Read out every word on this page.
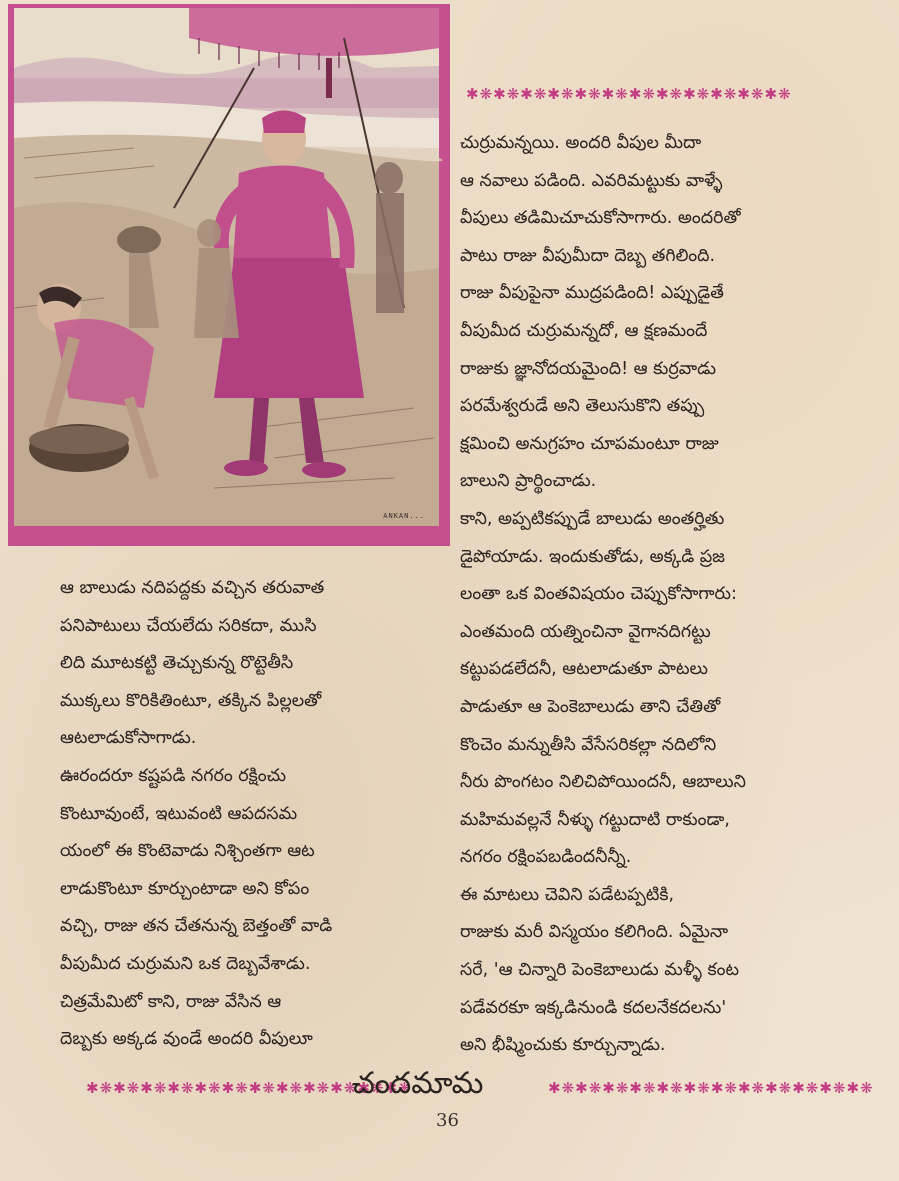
ANKAN...
✱❋✱❋✱❋✱❋✱❋✱❋✱❋✱❋✱❋✱❋✱❋✱❋
చుర్రుమన్నయి. అందరి వీపుల మీదా
ఆ నవాలు పడింది. ఎవరిమట్టుకు వాళ్ళే
వీపులు తడిమిచూచుకోసాగారు. అందరితో
పాటు రాజు వీపుమీదా దెబ్బ తగిలింది.
రాజు వీపుపైనా ముద్రపడింది! ఎప్పుడైతే
వీపుమీద చుర్రుమన్నదో, ఆ క్షణమందే
రాజుకు జ్ఞానోదయమైంది! ఆ కుర్రవాడు
పరమేశ్వరుడే అని తెలుసుకొని తప్పు
క్షమించి అనుగ్రహం చూపమంటూ రాజు
బాలుని ప్రార్థించాడు.
కాని, అప్పటికప్పుడే బాలుడు అంతర్హితు
డైపోయాడు. ఇందుకుతోడు, అక్కడి ప్రజ
లంతా ఒక వింతవిషయం చెప్పుకోసాగారు:
ఎంతమంది యత్నించినా వైగానదిగట్టు
కట్టుపడలేదనీ, ఆటలాడుతూ పాటలు
పాడుతూ ఆ పెంకెబాలుడు తాని చేతితో
కొంచెం మన్నుతీసి వేసేసరికల్లా నదిలోని
నీరు పొంగటం నిలిచిపోయిందనీ, ఆబాలుని
మహిమవల్లనే నీళ్ళు గట్టుదాటి రాకుండా,
నగరం రక్షింపబడిందనీన్నీ.
ఈ మాటలు చెవిని పడేటప్పటికి,
రాజుకు మరీ విస్మయం కలిగింది. ఏమైనా
సరే, 'ఆ చిన్నారి పెంకెబాలుడు మళ్ళీ కంట
పడేవరకూ ఇక్కడినుండి కదలనేకదలను'
అని భీష్మించుకు కూర్చున్నాడు.
ఆ బాలుడు నదిపద్దకు వచ్చిన తరువాత
పనిపాటులు చేయలేదు సరికదా, ముసి
లిది మూటకట్టి తెచ్చుకున్న రొట్టెతీసి
ముక్కలు కొరికితింటూ, తక్కిన పిల్లలతో
ఆటలాడుకోసాగాడు.
ఊరందరూ కష్టపడి నగరం రక్షించు
కొంటూవుంటే, ఇటువంటి ఆపదసమ
యంలో ఈ కొంటెవాడు నిశ్చింతగా ఆట
లాడుకొంటూ కూర్చుంటాడా అని కోపం
వచ్చి, రాజు తన చేతనున్న బెత్తంతో వాడి
వీపుమీద చుర్రుమని ఒక దెబ్బవేశాడు.
చిత్రమేమిటో కాని, రాజు వేసిన ఆ
దెబ్బకు అక్కడ వుండే అందరి వీపులూ
✱❋✱❋✱❋✱❋✱❋✱❋✱❋✱❋✱❋✱❋✱❋✱❋
చందమామ	✱❋✱❋✱❋✱❋✱❋✱❋✱❋✱❋✱❋✱❋✱❋✱❋
36
